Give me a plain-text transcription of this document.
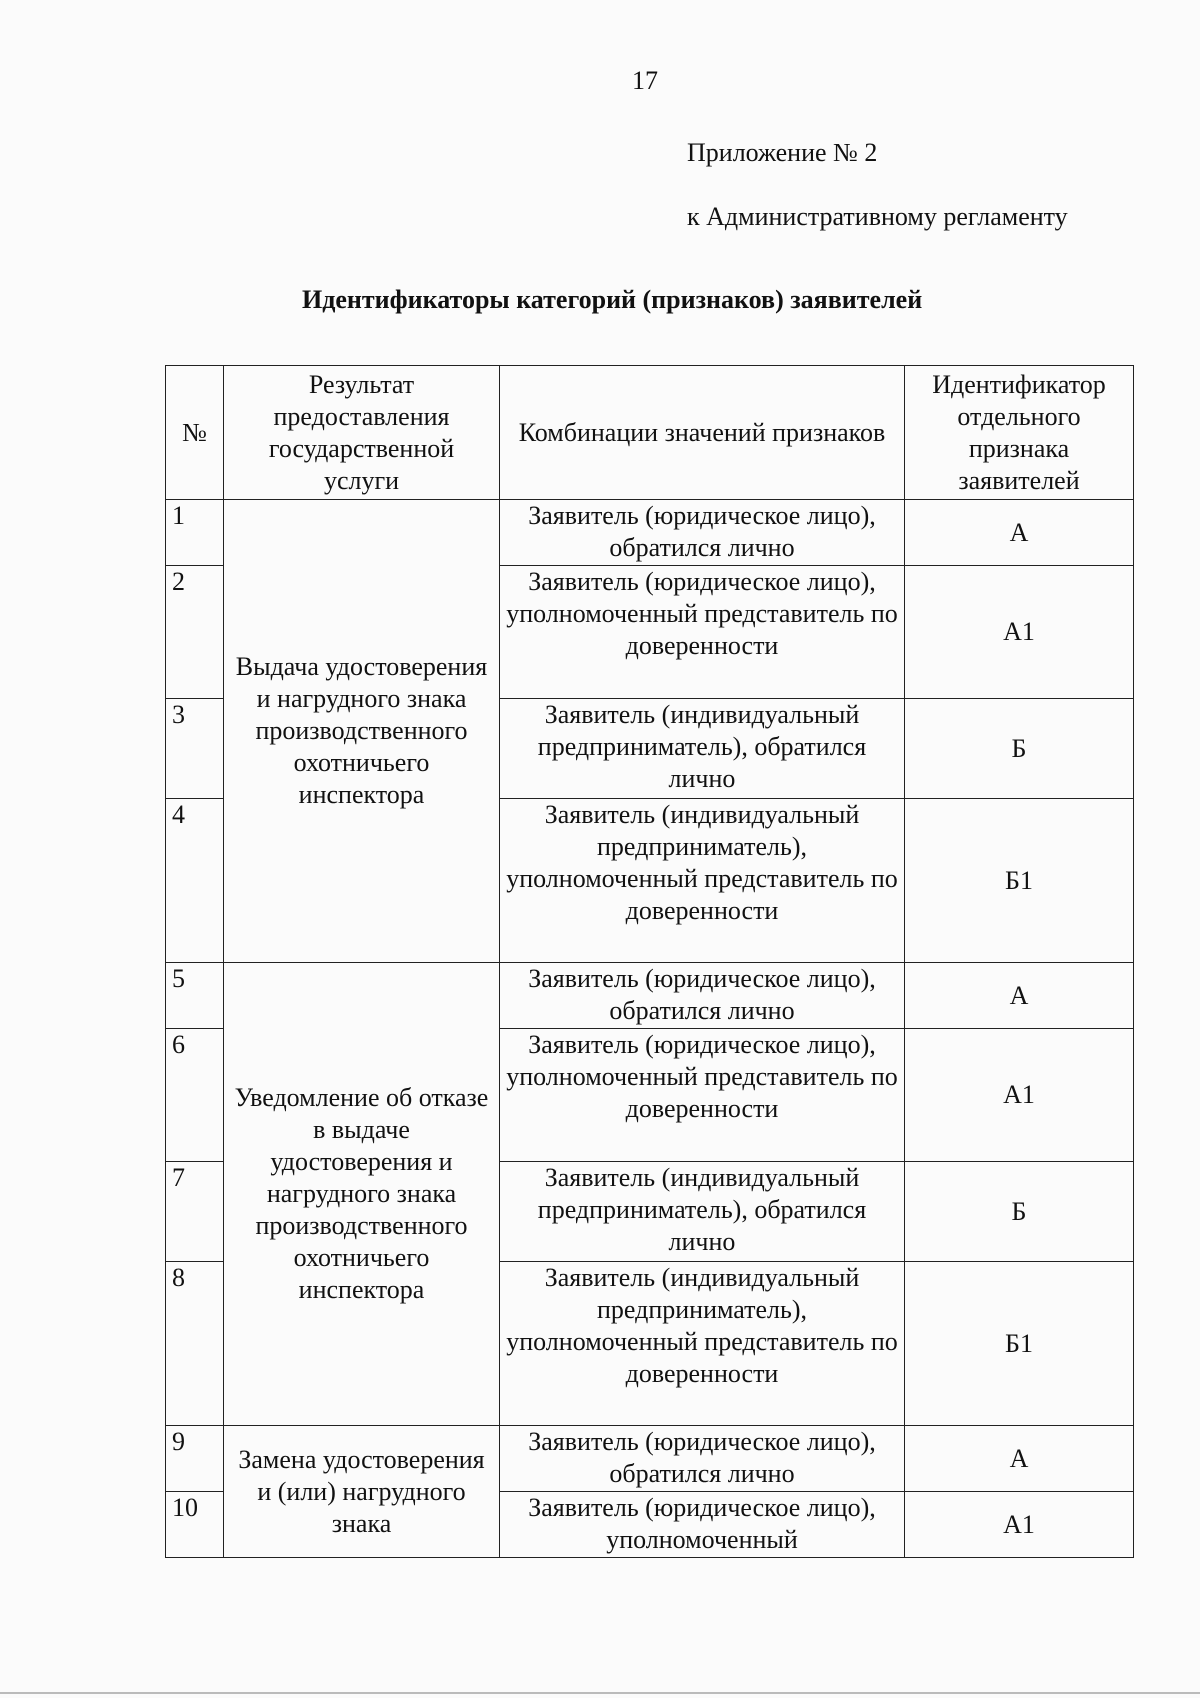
17
Приложение № 2
к Административному регламенту
Идентификаторы категорий (признаков) заявителей
№	Результат предоставления государственной услуги	Комбинации значений признаков	Идентификатор отдельного признака заявителей
1	Выдача удостоверения и нагрудного знака производственного охотничьего инспектора	Заявитель (юридическое лицо), обратился лично	А
2		Заявитель (юридическое лицо), уполномоченный представитель по доверенности	А1
3		Заявитель (индивидуальный предприниматель), обратился лично	Б
4		Заявитель (индивидуальный предприниматель), уполномоченный представитель по доверенности	Б1
5	Уведомление об отказе в выдаче удостоверения и нагрудного знака производственного охотничьего инспектора	Заявитель (юридическое лицо), обратился лично	А
6		Заявитель (юридическое лицо), уполномоченный представитель по доверенности	А1
7		Заявитель (индивидуальный предприниматель), обратился лично	Б
8		Заявитель (индивидуальный предприниматель), уполномоченный представитель по доверенности	Б1
9	Замена удостоверения и (или) нагрудного знака	Заявитель (юридическое лицо), обратился лично	А
10		Заявитель (юридическое лицо), уполномоченный	А1
